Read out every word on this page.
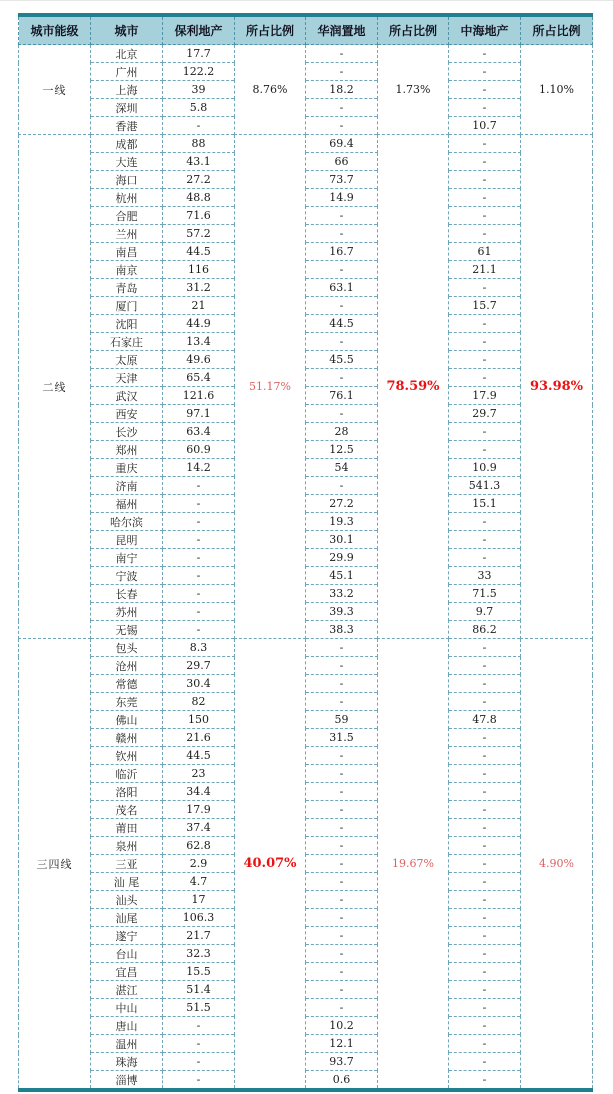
城市能级	城市	保利地产	所占比例	华润置地	所占比例	中海地产	所占比例
一线	北京	17.7	8.76%	-	1.73%	-	1.10%
	广州	122.2		-		-	
	上海	39		18.2		-	
	深圳	5.8		-		-	
	香港	-		-		10.7	
二线	成都	88	51.17%	69.4	78.59%	-	93.98%
	大连	43.1		66		-	
	海口	27.2		73.7		-	
	杭州	48.8		14.9		-	
	合肥	71.6		-		-	
	兰州	57.2		-		-	
	南昌	44.5		16.7		61	
	南京	116		-		21.1	
	青岛	31.2		63.1		-	
	厦门	21		-		15.7	
	沈阳	44.9		44.5		-	
	石家庄	13.4		-		-	
	太原	49.6		45.5		-	
	天津	65.4		-		-	
	武汉	121.6		76.1		17.9	
	西安	97.1		-		29.7	
	长沙	63.4		28		-	
	郑州	60.9		12.5		-	
	重庆	14.2		54		10.9	
	济南	-		-		541.3	
	福州	-		27.2		15.1	
	哈尔滨	-		19.3		-	
	昆明	-		30.1		-	
	南宁	-		29.9		-	
	宁波	-		45.1		33	
	长春	-		33.2		71.5	
	苏州	-		39.3		9.7	
	无锡	-		38.3		86.2	
三四线	包头	8.3	40.07%	-	19.67%	-	4.90%
	沧州	29.7		-		-	
	常德	30.4		-		-	
	东莞	82		-		-	
	佛山	150		59		47.8	
	赣州	21.6		31.5		-	
	钦州	44.5		-		-	
	临沂	23		-		-	
	洛阳	34.4		-		-	
	茂名	17.9		-		-	
	莆田	37.4		-		-	
	泉州	62.8		-		-	
	三亚	2.9		-		-	
	汕 尾	4.7		-		-	
	汕头	17		-		-	
	汕尾	106.3		-		-	
	遂宁	21.7		-		-	
	台山	32.3		-		-	
	宜昌	15.5		-		-	
	湛江	51.4		-		-	
	中山	51.5		-		-	
	唐山	-		10.2		-	
	温州	-		12.1		-	
	珠海	-		93.7		-	
	淄博	-		0.6		-	
